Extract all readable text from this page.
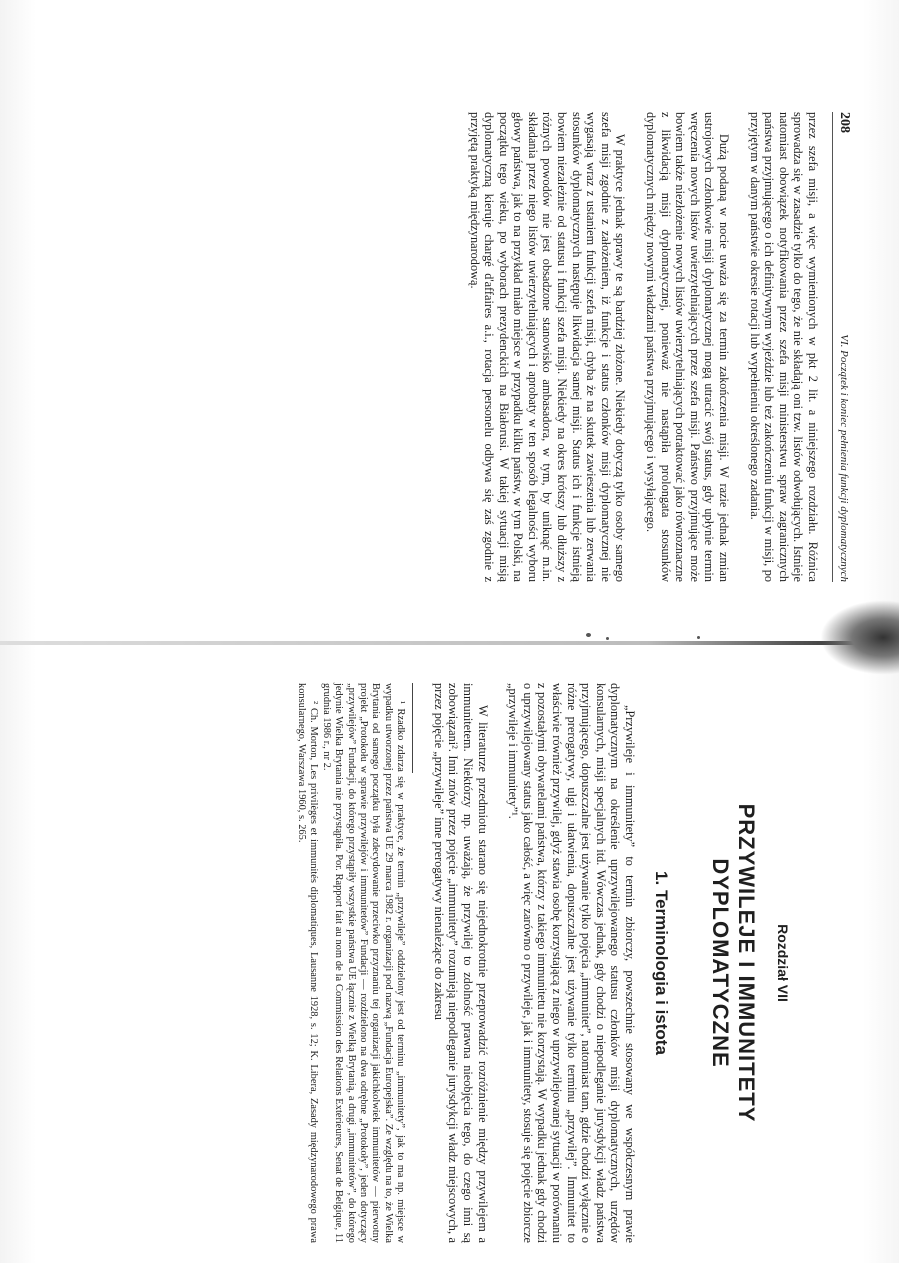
208
VI. Początek i koniec pełnienia funkcji dyplomatycznych

przez szefa misji, a więc wymienionych w pkt 2 lit. a niniejszego rozdziału. Różnica sprowadza się w zasadzie tylko do tego, że nie składają oni tzw. listów odwołujących. Istnieje natomiast obowiązek notyfikowania przez szefa misji ministerstwu spraw zagranicznych państwa przyjmującego o ich definitywnym wyjeździe lub też zakończeniu funkcji w misji, po przyjętym w danym państwie okresie rotacji lub wypełnieniu określonego zadania.

Dużą podaną w nocie uważa się za termin zakończenia misji. W razie jednak zmian ustrojowych członkowie misji dyplomatycznej mogą utracić swój status, gdy upłynie termin wręczenia nowych listów uwierzytelniających przez szefa misji. Państwo przyjmujące może bowiem także niezłożenie nowych listów uwierzytelniających potraktować jako równoznaczne z likwidacją misji dyplomatycznej, ponieważ nie nastąpiła prolongata stosunków dyplomatycznych między nowymi władzami państwa przyjmującego i wysyłającego.

W praktyce jednak sprawy te są bardziej złożone. Niekiedy dotyczą tylko osoby samego szefa misji zgodnie z założeniem, iż funkcje i status członków misji dyplomatycznej nie wygasają wraz z ustaniem funkcji szefa misji, chyba że na skutek zawieszenia lub zerwania stosunków dyplomatycznych następuje likwidacja samej misji. Status ich i funkcje istnieją bowiem niezależnie od statusu i funkcji szefa misji. Niekiedy na okres krótszy lub dłuższy z różnych powodów nie jest obsadzone stanowisko ambasadora, w tym, by uniknąć m.in. składania przez niego listów uwierzytelniających i aprobaty w ten sposób legalności wyboru głowy państwa, jak to na przykład miało miejsce w przypadku kilku państw, w tym Polski, na początku tego wieku, po wyborach prezydenckich na Białorusi. W takiej sytuacji misją dyplomatyczną kieruje chargé d'affaires a.i., rotacja personelu odbywa się zaś zgodnie z przyjętą praktyką międzynarodową.

Rozdział VII
PRZYWILEJE I IMMUNITETY
DYPLOMATYCZNE
1. Terminologia i istota

„Przywileje i immunitety” to termin zbiorczy, powszechnie stosowany we współczesnym prawie dyplomatycznym na określenie uprzywilejowanego statusu członków misji dyplomatycznych, urzędów konsularnych, misji specjalnych itd. Wówczas jednak, gdy chodzi o niepodleganie jurysdykcji władz państwa przyjmującego, dopuszczalne jest używanie tylko pojęcia „immunitet”, natomiast tam, gdzie chodzi wyłącznie o różne prerogatywy, ulgi i ułatwienia, dopuszczalne jest używanie tylko terminu „przywilej”. Immunitet to właściwie również przywilej, gdyż stawia osobę korzystającą z niego w uprzywilejowanej sytuacji w porównaniu z pozostałymi obywatelami państwa, którzy z takiego immunitetu nie korzystają. W wypadku jednak gdy chodzi o uprzywilejowany status jako całość, a więc zarówno o przywileje, jak i immunitety, stosuje się pojęcie zbiorcze „przywileje i immunitety”¹.

W literaturze przedmiotu starano się niejednokrotnie przeprowadzić rozróżnienie między przywilejem a immunitetem. Niektórzy np. uważają, że przywilej to zdolność prawna nieobjęcia tego, do czego inni są zobowiązani². Inni znów przez pojęcie „immunitety” rozumieją niepodleganie jurysdykcji władz miejscowych, a przez pojęcie „przywileje” inne prerogatywy nienależące do zakresu

¹ Rzadko zdarza się w praktyce, że termin „przywileje” oddzielony jest od terminu „immunitety”, jak to ma np. miejsce w wypadku utworzonej przez państwa UE 29 marca 1982 r. organizacji pod nazwą „Fundacja Europejska”. Ze względu na to, że Wielka Brytania od samego początku była zdecydowanie przeciwko przyznaniu tej organizacji jakichkolwiek immunitetów — pierwotny projekt „Protokołu w sprawie przywilejów i immunitetów” Fundacji — rozdzielono na dwa odrębne „Protokoły”, jeden dotyczący „przywilejów” Fundacji, do którego przystąpiły wszystkie państwa UE łącznie z Wielką Brytanią, a drugi „immunitetów”, do którego jedynie Wielka Brytania nie przystąpiła. Por. Rapport fait au nom de la Commission des Relations Extérieures, Senat de Belgique, 11 grudnia 1986 r., nr 2.

² Ch. Morton, Les privilèges et immunités diplomatiques, Lausanne 1928, s. 12; K. Libera, Zasady międzynarodowego prawa konsularnego, Warszawa 1960, s. 265.
